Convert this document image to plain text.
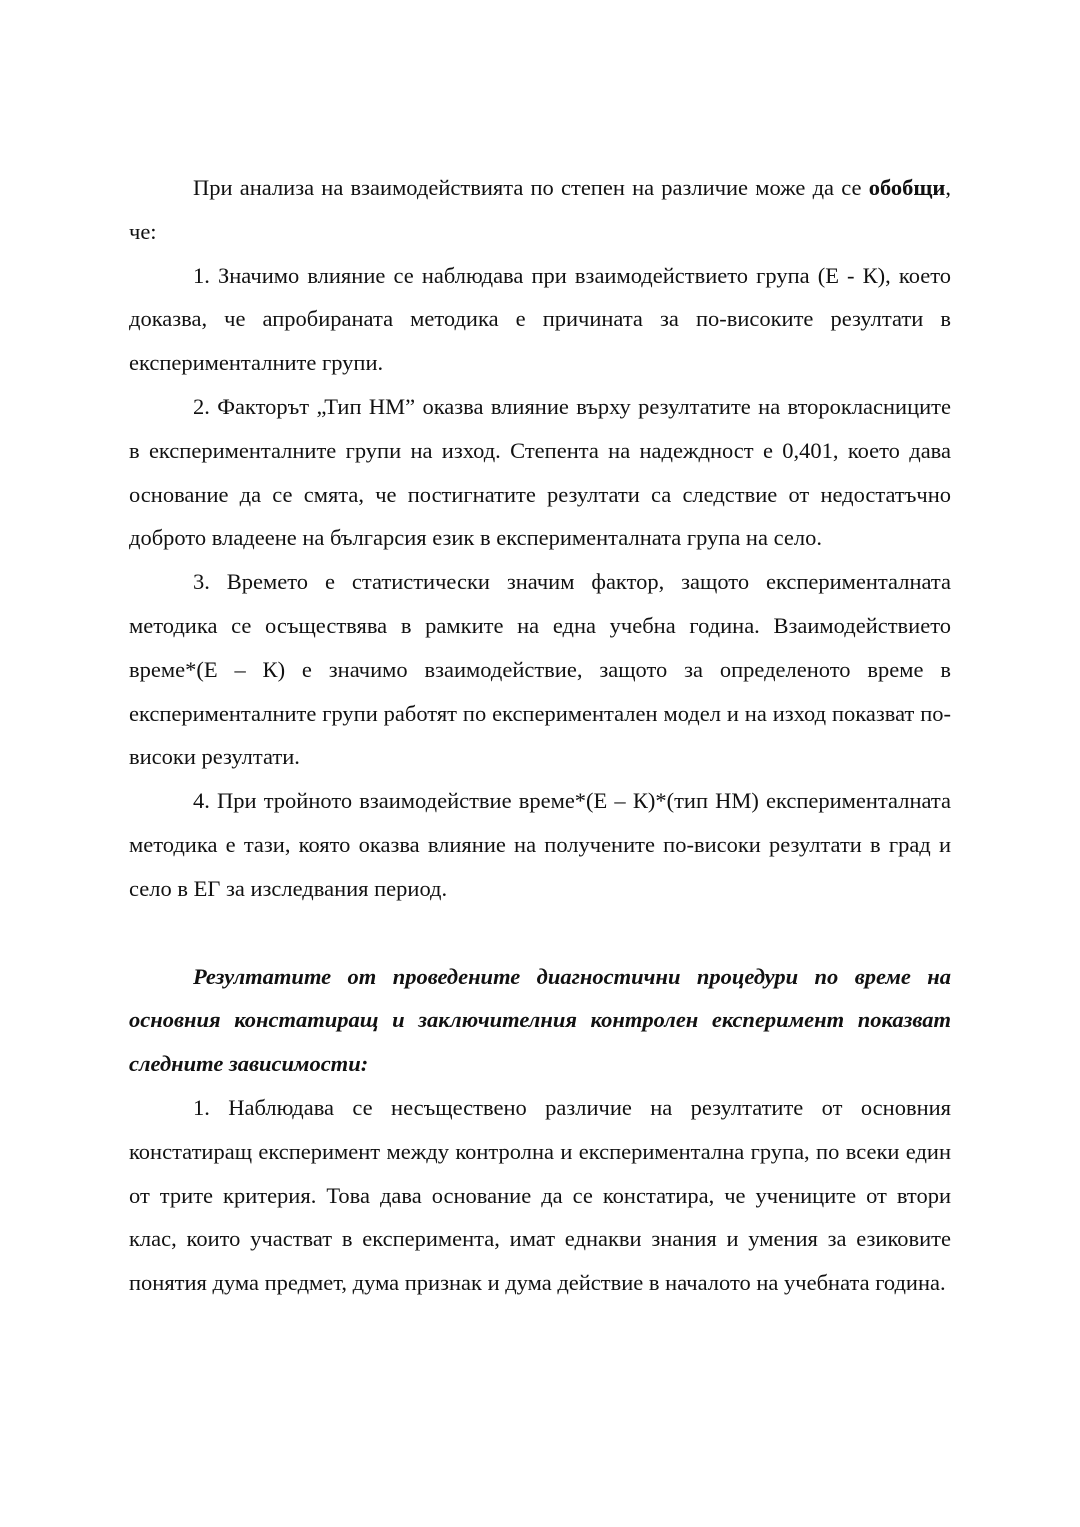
При анализа на взаимодействията по степен на различие може да се обобщи, че:

1. Значимо влияние се наблюдава при взаимодействието група (Е - К), което доказва, че апробираната методика е причината за по-високите резултати в експерименталните групи.

2. Факторът „Тип НМ” оказва влияние върху резултатите на второкласниците в експерименталните групи на изход. Степента на надеждност е 0,401, което дава основание да се смята, че постигнатите резултати са следствие от недостатъчно доброто владеене на българсия език в експерименталната група на село.

3. Времето е статистически значим фактор, защото експерименталната методика се осъществява в рамките на една учебна година. Взаимодействието време*(Е – К) е значимо взаимодействие, защото за определеното време в експерименталните групи работят по експериментален модел и на изход показват по-високи резултати.

4. При тройното взаимодействие време*(Е – К)*(тип НМ) експерименталната методика е тази, която оказва влияние на получените по-високи резултати в град и село в ЕГ за изследвания период.

Резултатите от проведените диагностични процедури по време на основния констатиращ и заключителния контролен експеримент показват следните зависимости:

1. Наблюдава се несъществено различие на резултатите от основния констатиращ експеримент между контролна и експериментална група, по всеки един от трите критерия. Това дава основание да се констатира, че учениците от втори клас, които участват в експеримента, имат еднакви знания и умения за езиковите понятия дума предмет, дума признак и дума действие в началото на учебната година.
